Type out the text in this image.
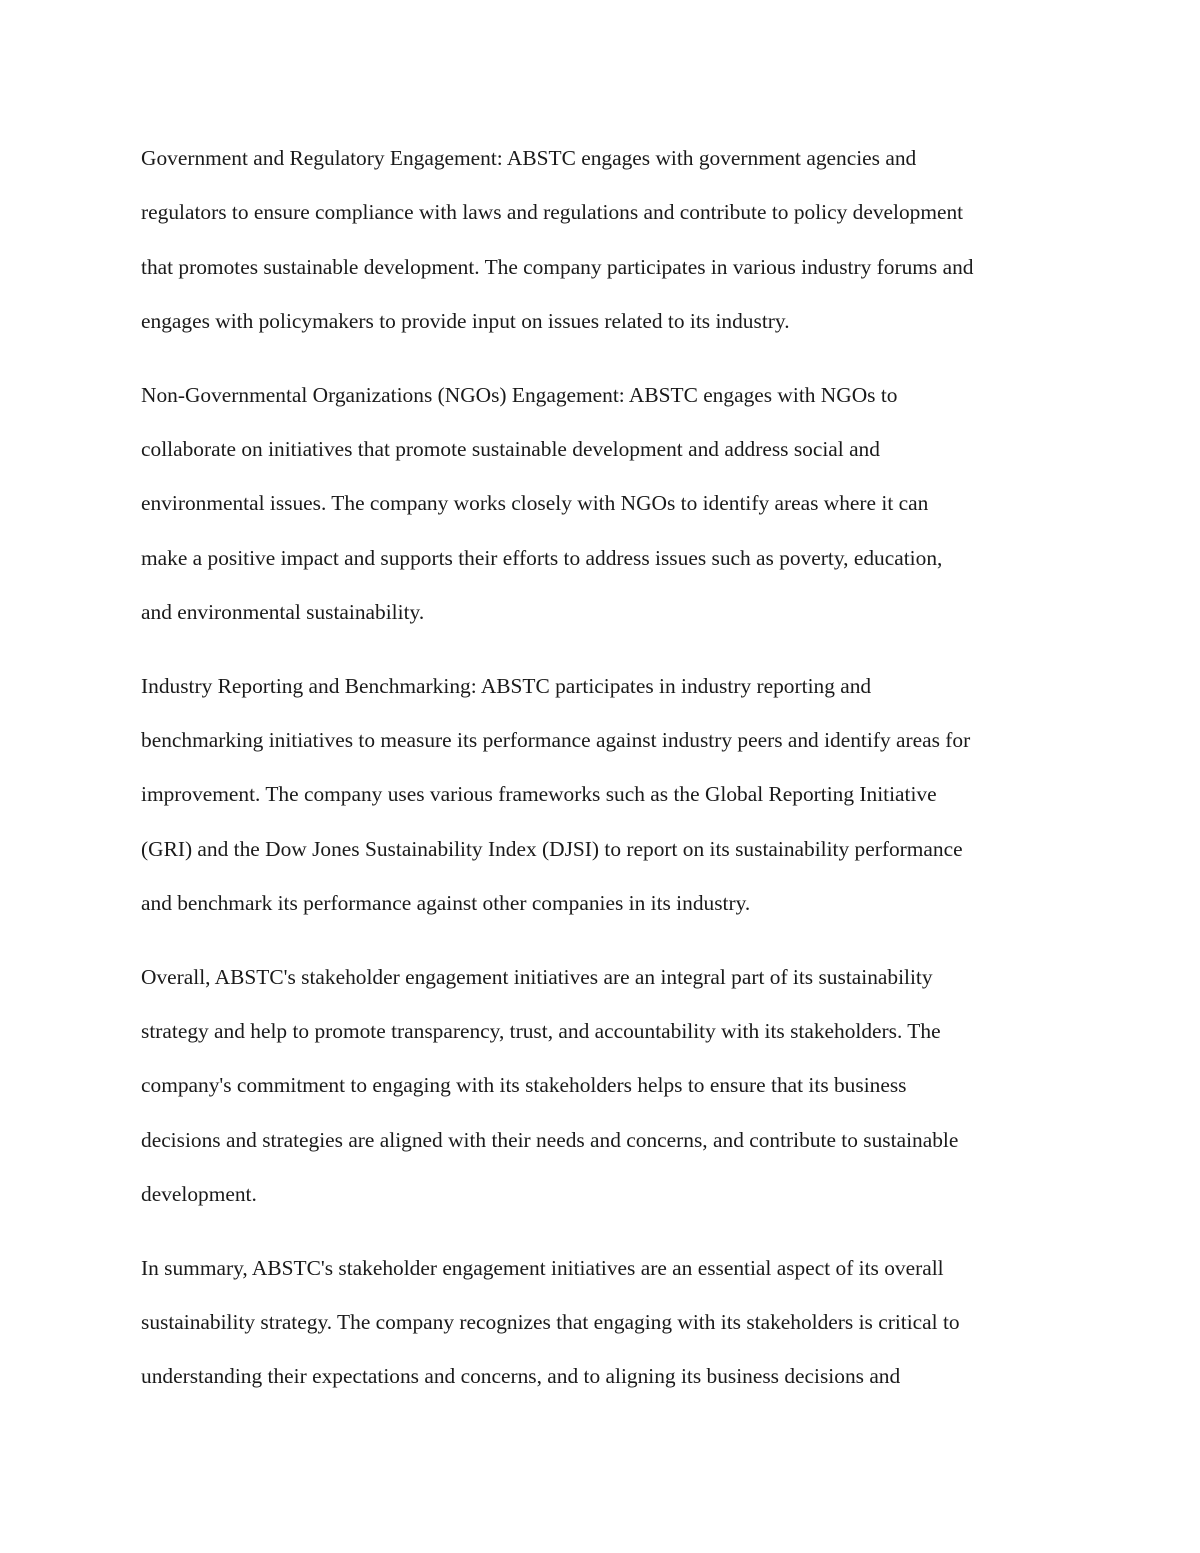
Government and Regulatory Engagement: ABSTC engages with government agencies and
regulators to ensure compliance with laws and regulations and contribute to policy development
that promotes sustainable development. The company participates in various industry forums and
engages with policymakers to provide input on issues related to its industry.
Non-Governmental Organizations (NGOs) Engagement: ABSTC engages with NGOs to
collaborate on initiatives that promote sustainable development and address social and
environmental issues. The company works closely with NGOs to identify areas where it can
make a positive impact and supports their efforts to address issues such as poverty, education,
and environmental sustainability.
Industry Reporting and Benchmarking: ABSTC participates in industry reporting and
benchmarking initiatives to measure its performance against industry peers and identify areas for
improvement. The company uses various frameworks such as the Global Reporting Initiative
(GRI) and the Dow Jones Sustainability Index (DJSI) to report on its sustainability performance
and benchmark its performance against other companies in its industry.
Overall, ABSTC's stakeholder engagement initiatives are an integral part of its sustainability
strategy and help to promote transparency, trust, and accountability with its stakeholders. The
company's commitment to engaging with its stakeholders helps to ensure that its business
decisions and strategies are aligned with their needs and concerns, and contribute to sustainable
development.
In summary, ABSTC's stakeholder engagement initiatives are an essential aspect of its overall
sustainability strategy. The company recognizes that engaging with its stakeholders is critical to
understanding their expectations and concerns, and to aligning its business decisions and
